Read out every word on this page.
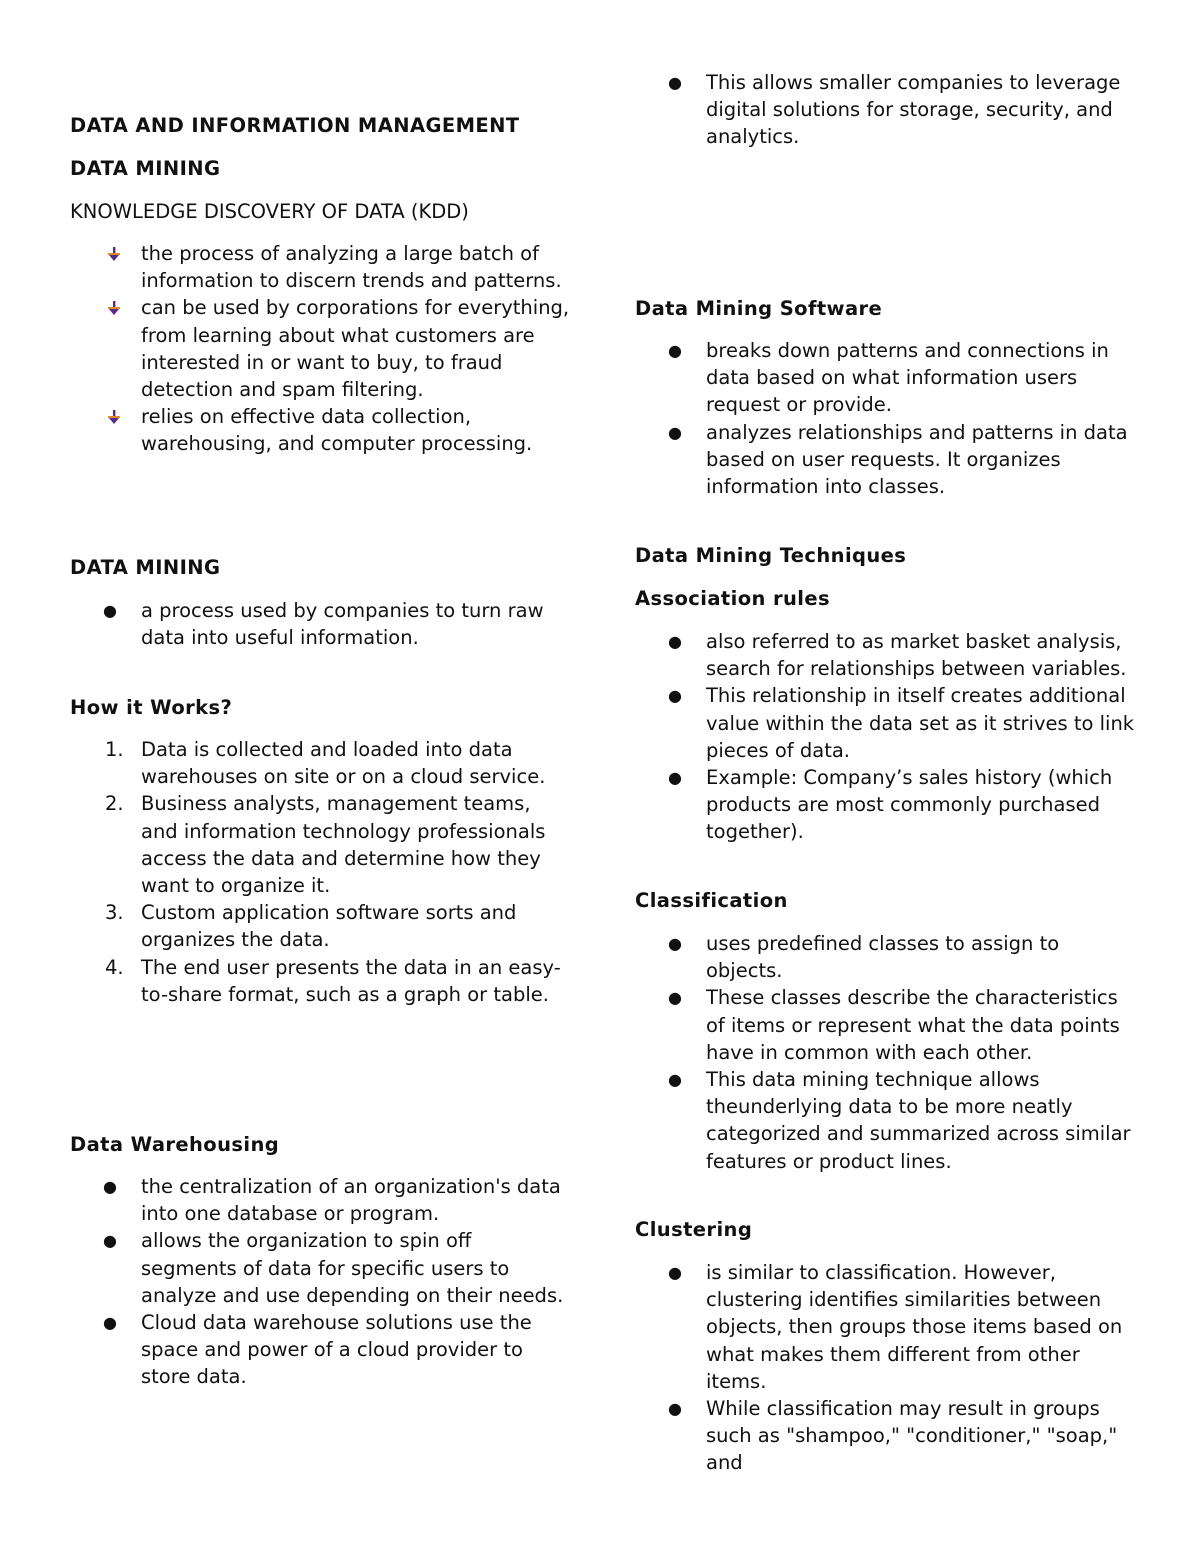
DATA AND INFORMATION MANAGEMENT

DATA MINING

KNOWLEDGE DISCOVERY OF DATA (KDD)

the process of analyzing a large batch of information to discern trends and patterns.
can be used by corporations for everything, from learning about what customers are interested in or want to buy, to fraud detection and spam filtering.
relies on effective data collection, warehousing, and computer processing.

DATA MINING

● a process used by companies to turn raw data into useful information.

How it Works?

1. Data is collected and loaded into data warehouses on site or on a cloud service.
2. Business analysts, management teams, and information technology professionals access the data and determine how they want to organize it.
3. Custom application software sorts and organizes the data.
4. The end user presents the data in an easy-to-share format, such as a graph or table.

Data Warehousing

● the centralization of an organization's data into one database or program.
● allows the organization to spin off segments of data for specific users to analyze and use depending on their needs.
● Cloud data warehouse solutions use the space and power of a cloud provider to store data.
● This allows smaller companies to leverage digital solutions for storage, security, and analytics.

Data Mining Software

● breaks down patterns and connections in data based on what information users request or provide.
● analyzes relationships and patterns in data based on user requests. It organizes information into classes.

Data Mining Techniques

Association rules

● also referred to as market basket analysis, search for relationships between variables.
● This relationship in itself creates additional value within the data set as it strives to link pieces of data.
● Example: Company’s sales history (which products are most commonly purchased together).

Classification

● uses predefined classes to assign to objects.
● These classes describe the characteristics of items or represent what the data points have in common with each other.
● This data mining technique allows theunderlying data to be more neatly categorized and summarized across similar features or product lines.

Clustering

● is similar to classification. However, clustering identifies similarities between objects, then groups those items based on what makes them different from other items.
● While classification may result in groups such as "shampoo," "conditioner," "soap," and
